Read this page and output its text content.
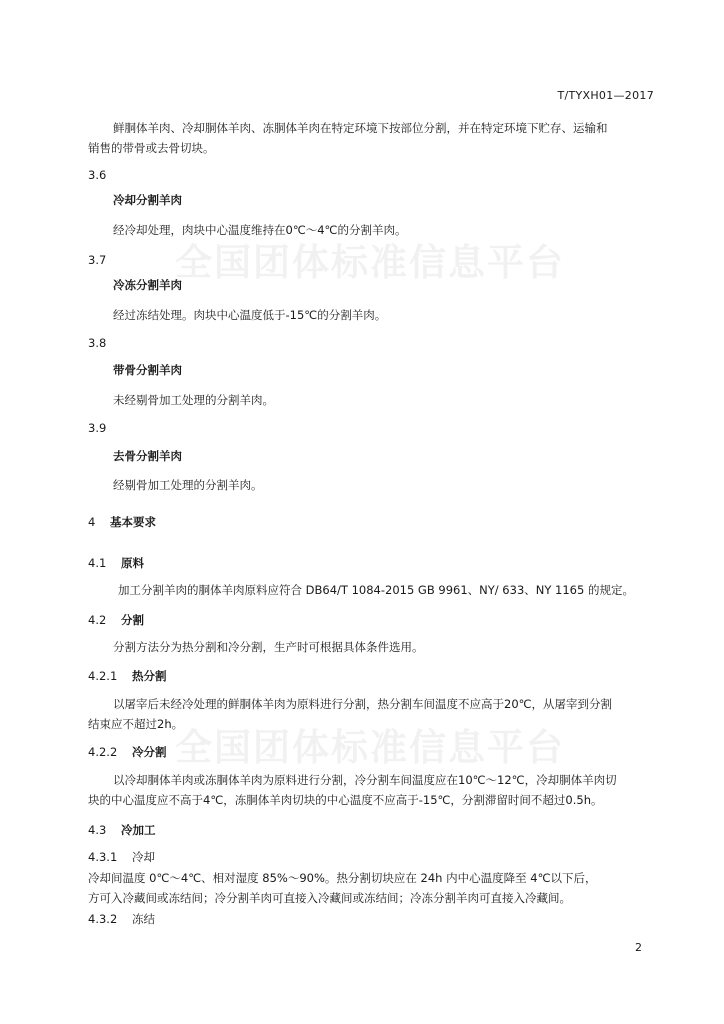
T/TYXH01—2017
全国团体标准信息平台
全国团体标准信息平台
鲜胴体羊肉、冷却胴体羊肉、冻胴体羊肉在特定环境下按部位分割，并在特定环境下贮存、运输和
销售的带骨或去骨切块。
3.6
冷却分割羊肉
经冷却处理，肉块中心温度维持在0℃～4℃的分割羊肉。
3.7
冷冻分割羊肉
经过冻结处理。肉块中心温度低于-15℃的分割羊肉。
3.8
带骨分割羊肉
未经剔骨加工处理的分割羊肉。
3.9
去骨分割羊肉
经剔骨加工处理的分割羊肉。
4 基本要求
4.1 原料
加工分割羊肉的胴体羊肉原料应符合 DB64/T 1084-2015 GB 9961、NY/ 633、NY 1165 的规定。
4.2 分割
分割方法分为热分割和冷分割，生产时可根据具体条件选用。
4.2.1 热分割
以屠宰后未经冷处理的鲜胴体羊肉为原料进行分割，热分割车间温度不应高于20℃，从屠宰到分割
结束应不超过2h。
4.2.2 冷分割
以冷却胴体羊肉或冻胴体羊肉为原料进行分割，冷分割车间温度应在10℃～12℃，冷却胴体羊肉切
块的中心温度应不高于4℃，冻胴体羊肉切块的中心温度不应高于-15℃，分割滞留时间不超过0.5h。
4.3 冷加工
4.3.1 冷却
冷却间温度 0℃～4℃、相对湿度 85%～90%。热分割切块应在 24h 内中心温度降至 4℃以下后，
方可入冷藏间或冻结间；冷分割羊肉可直接入冷藏间或冻结间；冷冻分割羊肉可直接入冷藏间。
4.3.2 冻结
2
